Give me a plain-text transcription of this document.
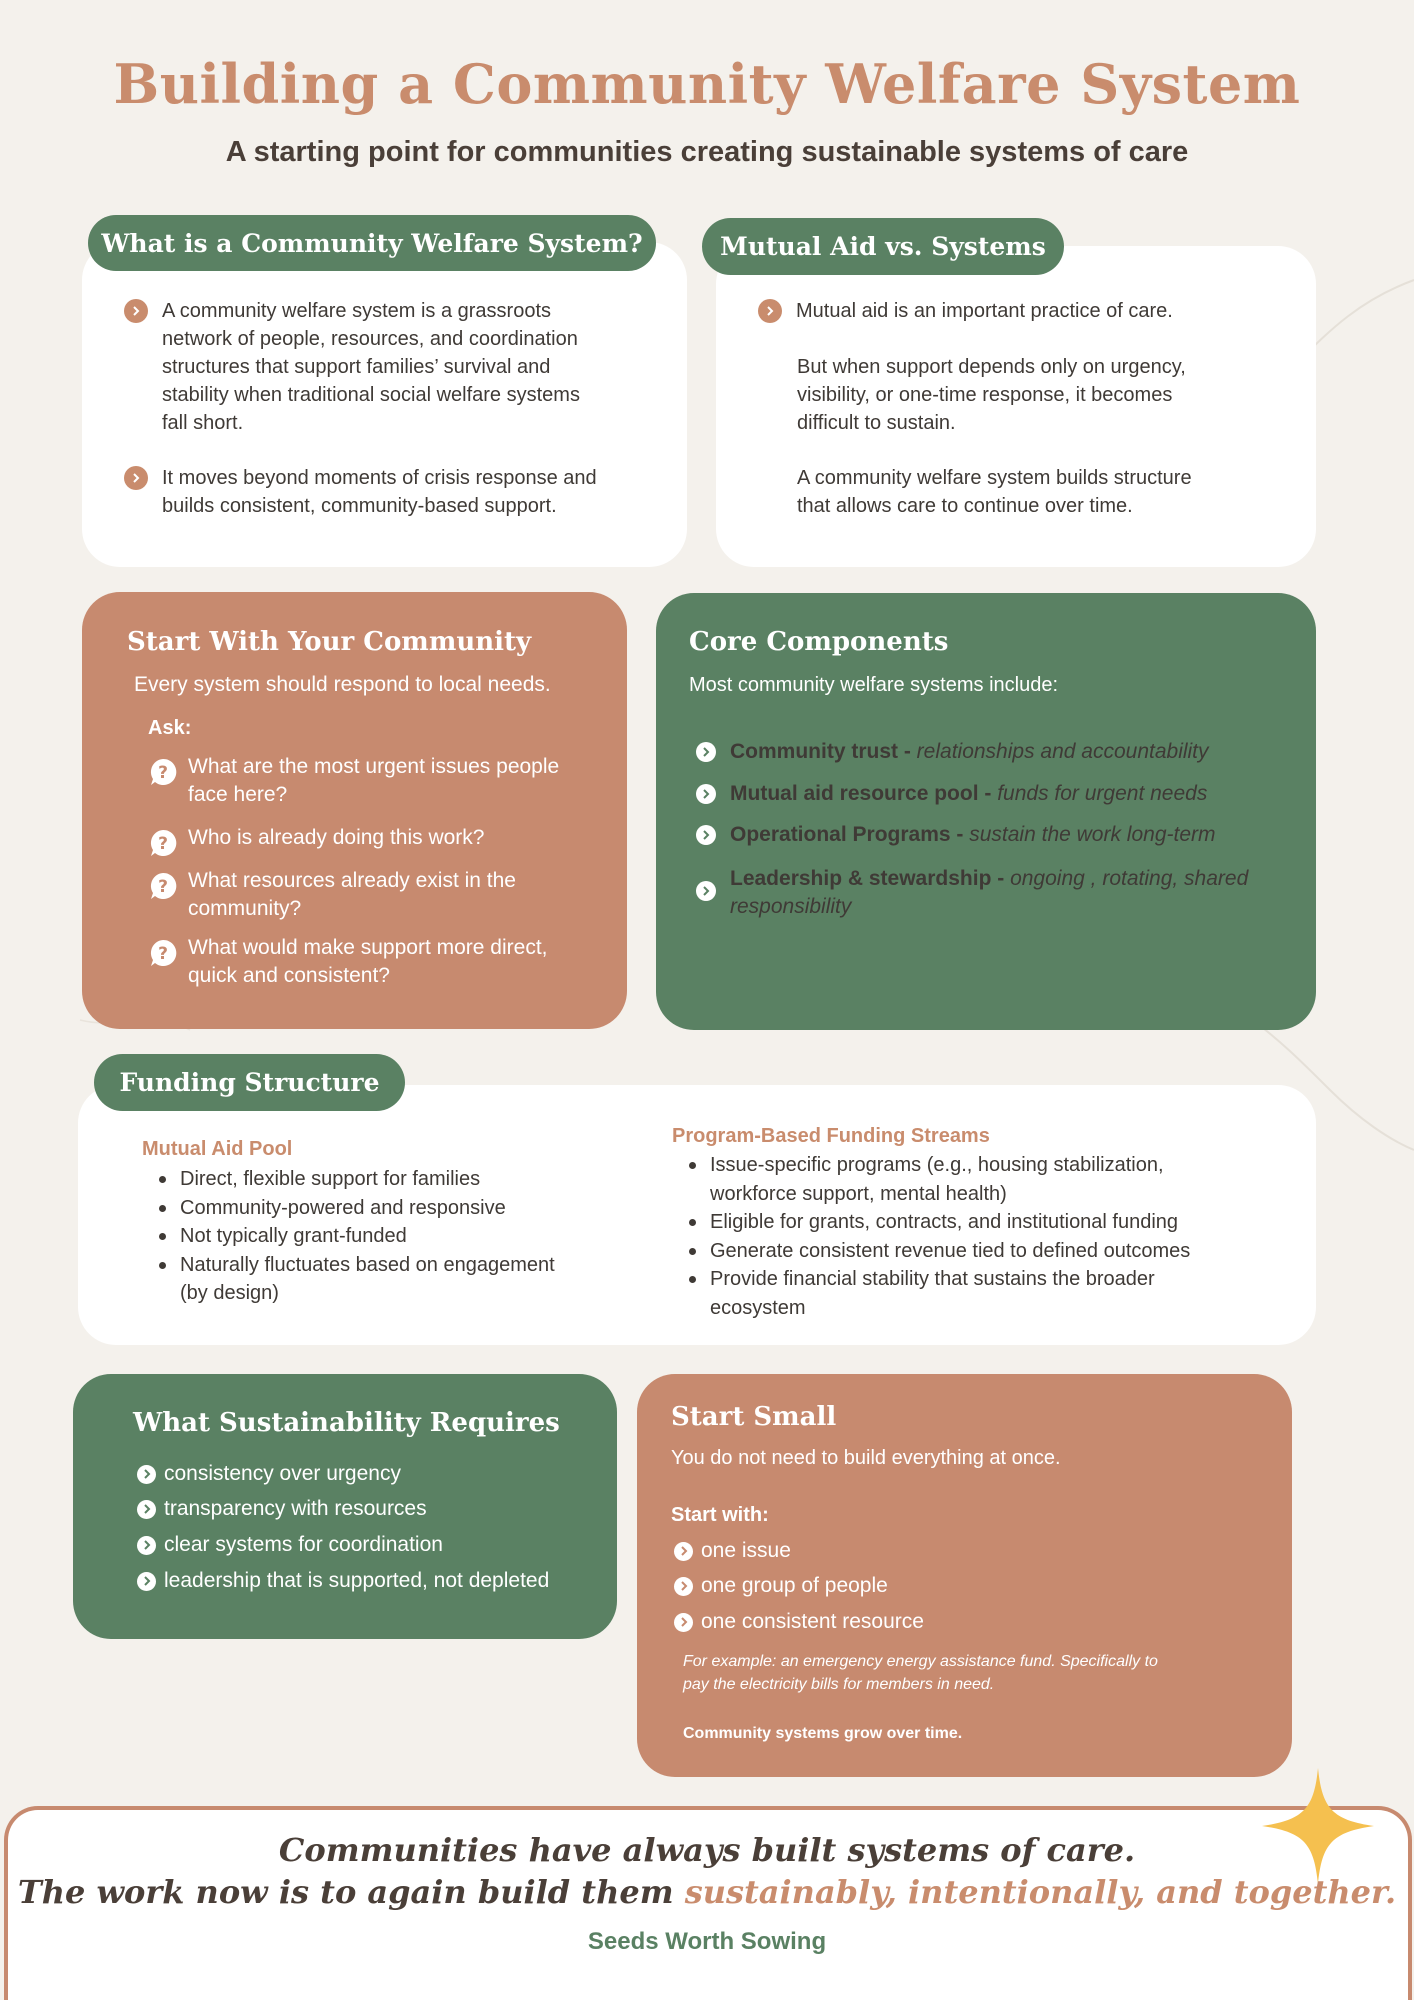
Building a Community Welfare System
A starting point for communities creating sustainable systems of care
What is a Community Welfare System?
A community welfare system is a grassroots
network of people, resources, and coordination
structures that support families’ survival and
stability when traditional social welfare systems
fall short.
It moves beyond moments of crisis response and
builds consistent, community-based support.
Mutual Aid vs. Systems
Mutual aid is an important practice of care.
But when support depends only on urgency,
visibility, or one-time response, it becomes
difficult to sustain.
A community welfare system builds structure
that allows care to continue over time.
Start With Your Community
Every system should respond to local needs.
Ask:
? What are the most urgent issues people
face here?
? Who is already doing this work?
? What resources already exist in the
community?
? What would make support more direct,
quick and consistent?
Core Components
Most community welfare systems include:
Community trust - relationships and accountability
Mutual aid resource pool - funds for urgent needs
Operational Programs - sustain the work long-term
Leadership & stewardship - ongoing , rotating, shared
responsibility
Funding Structure
Mutual Aid Pool
Direct, flexible support for families
Community-powered and responsive
Not typically grant-funded
Naturally fluctuates based on engagement
(by design)
Program-Based Funding Streams
Issue-specific programs (e.g., housing stabilization,
workforce support, mental health)
Eligible for grants, contracts, and institutional funding
Generate consistent revenue tied to defined outcomes
Provide financial stability that sustains the broader
ecosystem
What Sustainability Requires
consistency over urgency
transparency with resources
clear systems for coordination
leadership that is supported, not depleted
Start Small
You do not need to build everything at once.
Start with:
one issue
one group of people
one consistent resource
For example: an emergency energy assistance fund. Specifically to
pay the electricity bills for members in need.
Community systems grow over time.
Communities have always built systems of care.
The work now is to again build them sustainably, intentionally, and together.
Seeds Worth Sowing
